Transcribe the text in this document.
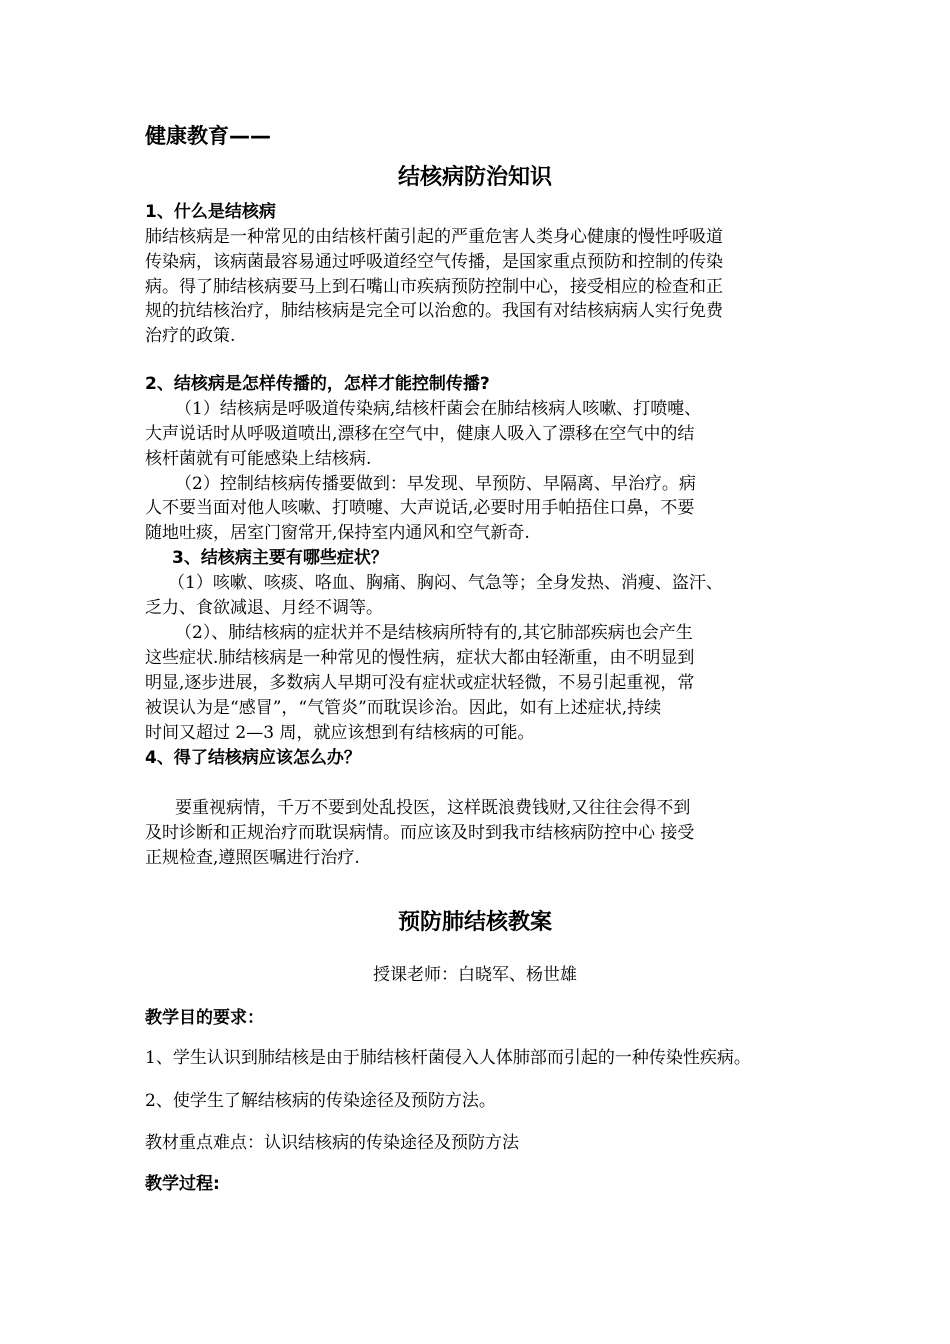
健康教育——
结核病防治知识
1、什么是结核病
肺结核病是一种常见的由结核杆菌引起的严重危害人类身心健康的慢性呼吸道
传染病，该病菌最容易通过呼吸道经空气传播，是国家重点预防和控制的传染
病。得了肺结核病要马上到石嘴山市疾病预防控制中心，接受相应的检查和正
规的抗结核治疗，肺结核病是完全可以治愈的。我国有对结核病病人实行免费
治疗的政策.
2、结核病是怎样传播的，怎样才能控制传播?
（1）结核病是呼吸道传染病,结核杆菌会在肺结核病人咳嗽、打喷嚏、
大声说话时从呼吸道喷出,漂移在空气中，健康人吸入了漂移在空气中的结
核杆菌就有可能感染上结核病.
（2）控制结核病传播要做到：早发现、早预防、早隔离、早治疗。病
人不要当面对他人咳嗽、打喷嚏、大声说话,必要时用手帕捂住口鼻，不要
随地吐痰，居室门窗常开,保持室内通风和空气新奇.
3、结核病主要有哪些症状？
（1）咳嗽、咳痰、咯血、胸痛、胸闷、气急等；全身发热、消瘦、盗汗、
乏力、食欲减退、月经不调等。
（2）、肺结核病的症状并不是结核病所特有的,其它肺部疾病也会产生
这些症状.肺结核病是一种常见的慢性病，症状大都由轻渐重，由不明显到
明显,逐步进展，多数病人早期可没有症状或症状轻微，不易引起重视，常
被误认为是“感冒”，“气管炎”而耽误诊治。因此，如有上述症状,持续
时间又超过 2—3 周，就应该想到有结核病的可能。
4、得了结核病应该怎么办？
要重视病情，千万不要到处乱投医，这样既浪费钱财,又往往会得不到
及时诊断和正规治疗而耽误病情。而应该及时到我市结核病防控中心 接受
正规检查,遵照医嘱进行治疗.
预防肺结核教案
授课老师：白晓军、杨世雄
教学目的要求：
1、学生认识到肺结核是由于肺结核杆菌侵入人体肺部而引起的一种传染性疾病。
2、使学生了解结核病的传染途径及预防方法。
教材重点难点：认识结核病的传染途径及预防方法
教学过程:
